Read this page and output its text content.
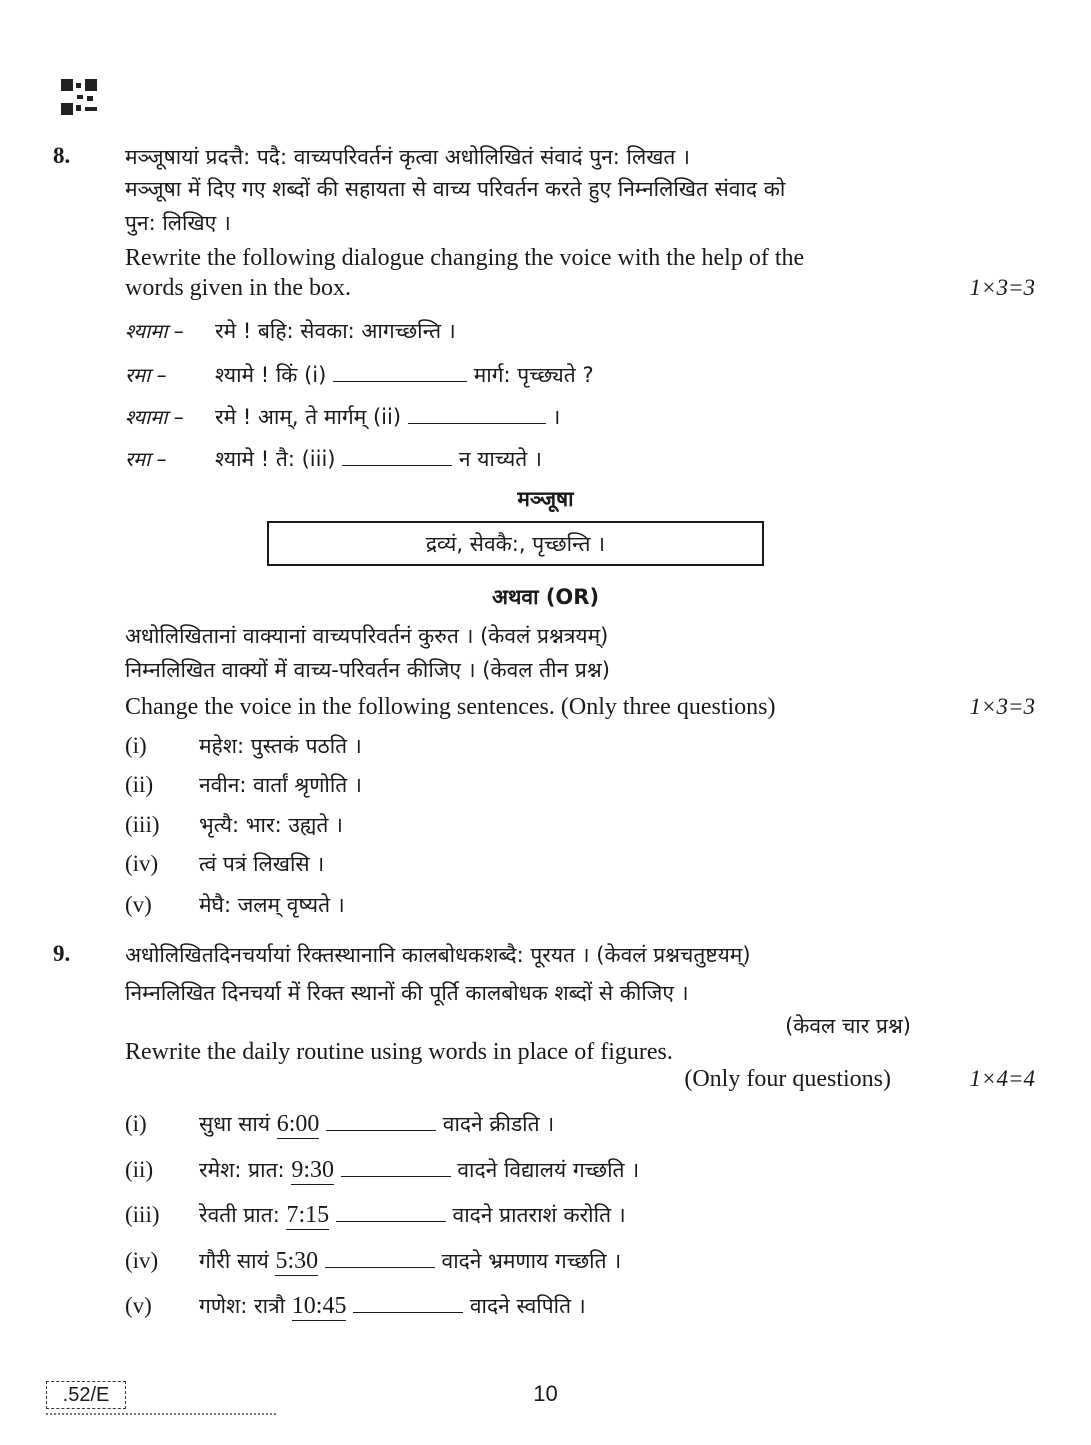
8.	मञ्जूषायां प्रदत्तै: पदै: वाच्यपरिवर्तनं कृत्वा अधोलिखितं संवादं पुन: लिखत ।
मञ्जूषा में दिए गए शब्दों की सहायता से वाच्य परिवर्तन करते हुए निम्नलिखित संवाद को
पुन: लिखिए ।
Rewrite the following dialogue changing the voice with the help of the
words given in the box.	1×3=3
श्यामा – रमे ! बहि: सेवका: आगच्छन्ति ।
रमा – श्यामे ! किं (i)	मार्ग: पृच्छ्यते ?
श्यामा – रमे ! आम्, ते मार्गम् (ii)	।
रमा – श्यामे ! तै: (iii)	न याच्यते ।
मञ्जूषा
द्रव्यं, सेवकै:, पृच्छन्ति ।
अथवा (OR)
अधोलिखितानां वाक्यानां वाच्यपरिवर्तनं कुरुत । (केवलं प्रश्नत्रयम्)
निम्नलिखित वाक्यों में वाच्य-परिवर्तन कीजिए । (केवल तीन प्रश्न)
Change the voice in the following sentences. (Only three questions)	1×3=3
(i) महेश: पुस्तकं पठति ।
(ii) नवीन: वार्तां श्रृणोति ।
(iii) भृत्यै: भार: उह्यते ।
(iv) त्वं पत्रं लिखसि ।
(v) मेघै: जलम् वृष्यते ।
9.	अधोलिखितदिनचर्यायां रिक्तस्थानानि कालबोधकशब्दै: पूरयत । (केवलं प्रश्नचतुष्टयम्)
निम्नलिखित दिनचर्या में रिक्त स्थानों की पूर्ति कालबोधक शब्दों से कीजिए ।
(केवल चार प्रश्न)
Rewrite the daily routine using words in place of figures.
(Only four questions)	1×4=4
(i) सुधा सायं 6:00	वादने क्रीडति ।
(ii) रमेश: प्रात: 9:30	वादने विद्यालयं गच्छति ।
(iii) रेवती प्रात: 7:15	वादने प्रातराशं करोति ।
(iv) गौरी सायं 5:30	वादने भ्रमणाय गच्छति ।
(v) गणेश: रात्रौ 10:45	वादने स्वपिति ।
.52/E	10
